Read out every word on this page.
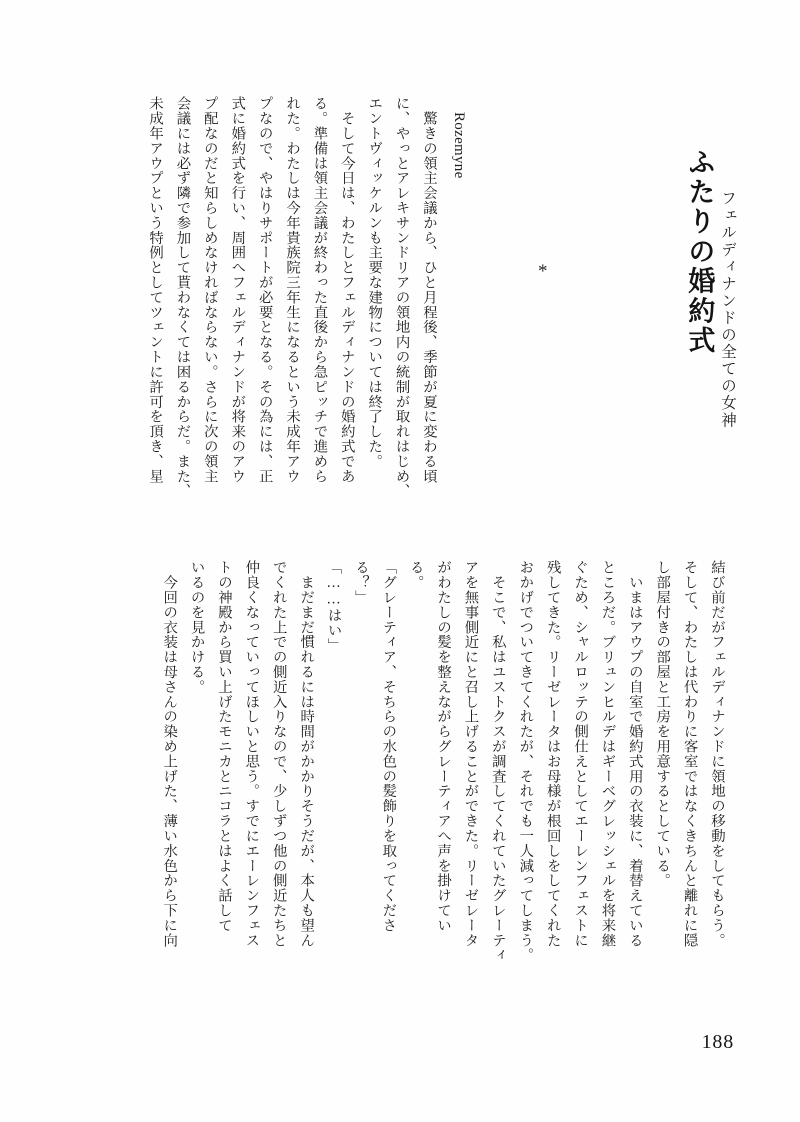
ふたりの婚約式 フェルディナンドの全ての女神
Rozemyne
*
　驚きの領主会議から、ひと月程後、季節が夏に変わる頃
に、やっとアレキサンドリアの領地内の統制が取れはじめ、
エントヴィッケルンも主要な建物については終了した。
　そして今日は、わたしとフェルディナンドの婚約式であ
る。準備は領主会議が終わった直後から急ピッチで進めら
れた。わたしは今年貴族院三年生になるという未成年アウ
プなので、やはりサポートが必要となる。その為には、正
式に婚約式を行い、周囲へフェルディナンドが将来のアウ
プ配なのだと知らしめなければならない。さらに次の領主
会議には必ず隣で参加して貰わなくては困るからだ。また、
未成年アウプという特例としてツェントに許可を頂き、星
結び前だがフェルディナンドに領地の移動をしてもらう。
そして、わたしは代わりに客室ではなくきちんと離れに隠
し部屋付きの部屋と工房を用意するとしている。
　いまはアウプの自室で婚約式用の衣装に、着替えている
ところだ。ブリュンヒルデはギーベグレッシェルを将来継
ぐため、シャルロッテの側仕えとしてエーレンフェストに
残してきた。リーゼレータはお母様が根回しをしてくれた
おかげでついてきてくれたが、それでも一人減ってしまう。
　そこで、私はユストクスが調査してくれていたグレーティ
アを無事側近にと召し上げることができた。リーゼレータ
がわたしの髪を整えながらグレーティアへ声を掛けてい
る。
「グレーティア、そちらの水色の髪飾りを取ってくださ
る？」
「……はい」
　まだまだ慣れるには時間がかかりそうだが、本人も望ん
でくれた上での側近入りなので、少しずつ他の側近たちと
仲良くなっていってほしいと思う。すでにエーレンフェス
トの神殿から買い上げたモニカとニコラとはよく話して
いるのを見かける。
　今回の衣装は母さんの染め上げた、薄い水色から下に向
188
